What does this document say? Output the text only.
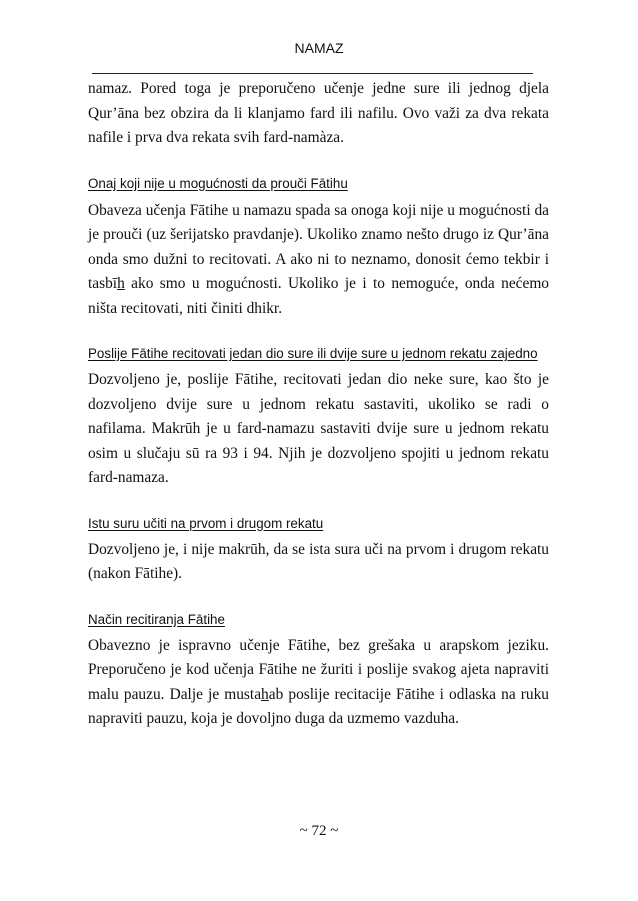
NAMAZ

namaz. Pored toga je preporučeno učenje jedne sure ili jednog djela Qur’āna bez obzira da li klanjamo fard ili nafilu. Ovo važi za dva rekata nafile i prva dva rekata svih fard-namàza.

Onaj koji nije u mogućnosti da prouči Fātihu

Obaveza učenja Fātihe u namazu spada sa onoga koji nije u mogućnosti da je prouči (uz šerijatsko pravdanje). Ukoliko znamo nešto drugo iz Qur’āna onda smo dužni to recitovati. A ako ni to neznamo, donosit ćemo tekbir i tasbīh ako smo u mogućnosti. Ukoliko je i to nemoguće, onda nećemo ništa recitovati, niti činiti dhikr.

Poslije Fātihe recitovati jedan dio sure ili dvije sure u jednom rekatu zajedno

Dozvoljeno je, poslije Fātihe, recitovati jedan dio neke sure, kao što je dozvoljeno dvije sure u jednom rekatu sastaviti, ukoliko se radi o nafilama. Makrūh je u fard-namazu sastaviti dvije sure u jednom rekatu osim u slučaju sū ra 93 i 94. Njih je dozvoljeno spojiti u jednom rekatu fard-namaza.

Istu suru učiti na prvom i drugom rekatu

Dozvoljeno je, i nije makrūh, da se ista sura uči na prvom i drugom rekatu (nakon Fātihe).

Način recitiranja Fātihe

Obavezno je ispravno učenje Fātihe, bez grešaka u arapskom jeziku. Preporučeno je kod učenja Fātihe ne žuriti i poslije svakog ajeta napraviti malu pauzu. Dalje je mustahab poslije recitacije Fātihe i odlaska na ruku napraviti pauzu, koja je dovoljno duga da uzmemo vazduha.

~ 72 ~
